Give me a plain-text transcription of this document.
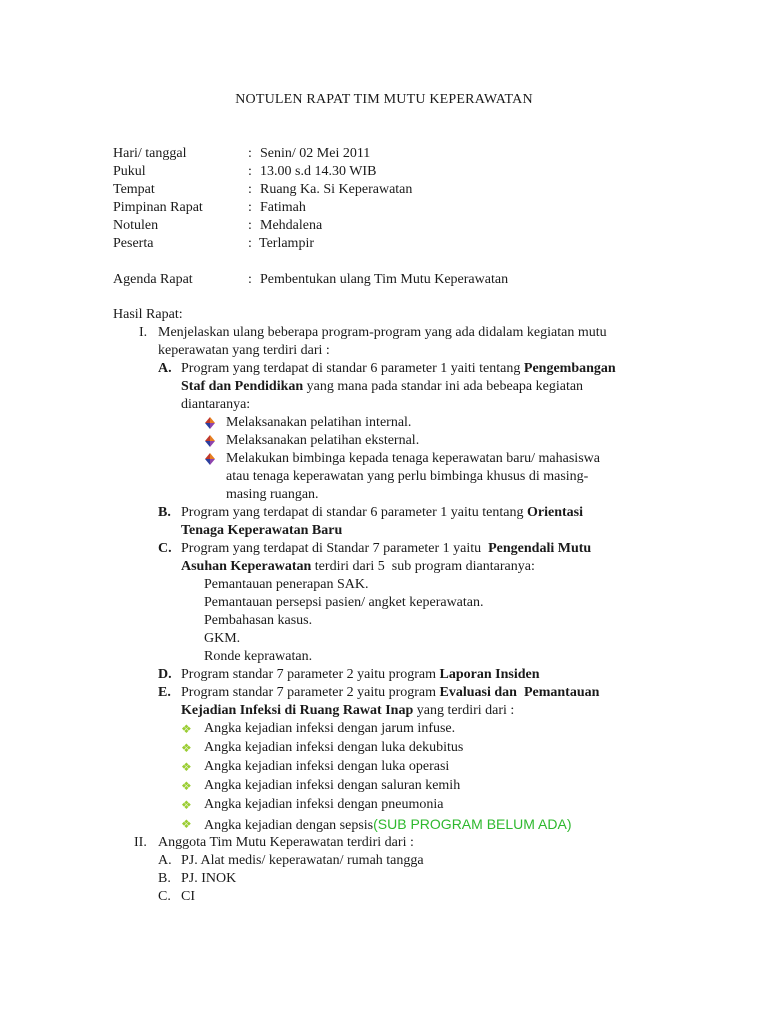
NOTULEN RAPAT TIM MUTU KEPERAWATAN
Hari/ tanggal	: Senin/ 02 Mei 2011
Pukul	: 13.00 s.d 14.30 WIB
Tempat	: Ruang Ka. Si Keperawatan
Pimpinan Rapat	: Fatimah
Notulen	: Mehdalena
Peserta	: Terlampir
Agenda Rapat	: Pembentukan ulang Tim Mutu Keperawatan
Hasil Rapat:
I. Menjelaskan ulang beberapa program-program yang ada didalam kegiatan mutu
keperawatan yang terdiri dari :
A. Program yang terdapat di standar 6 parameter 1 yaiti tentang Pengembangan
Staf dan Pendidikan yang mana pada standar ini ada bebeapa kegiatan
diantaranya:
Melaksanakan pelatihan internal.
Melaksanakan pelatihan eksternal.
Melakukan bimbinga kepada tenaga keperawatan baru/ mahasiswa
atau tenaga keperawatan yang perlu bimbinga khusus di masing-
masing ruangan.
B. Program yang terdapat di standar 6 parameter 1 yaitu tentang Orientasi
Tenaga Keperawatan Baru
C. Program yang terdapat di Standar 7 parameter 1 yaitu  Pengendali Mutu
Asuhan Keperawatan terdiri dari 5  sub program diantaranya:
Pemantauan penerapan SAK.
Pemantauan persepsi pasien/ angket keperawatan.
Pembahasan kasus.
GKM.
Ronde keprawatan.
D. Program standar 7 parameter 2 yaitu program Laporan Insiden
E. Program standar 7 parameter 2 yaitu program Evaluasi dan  Pemantauan
Kejadian Infeksi di Ruang Rawat Inap yang terdiri dari :
❖ Angka kejadian infeksi dengan jarum infuse.
❖ Angka kejadian infeksi dengan luka dekubitus
❖ Angka kejadian infeksi dengan luka operasi
❖ Angka kejadian infeksi dengan saluran kemih
❖ Angka kejadian infeksi dengan pneumonia
❖ Angka kejadian dengan sepsis(SUB PROGRAM BELUM ADA)
II. Anggota Tim Mutu Keperawatan terdiri dari :
A. PJ. Alat medis/ keperawatan/ rumah tangga
B. PJ. INOK
C. CI
